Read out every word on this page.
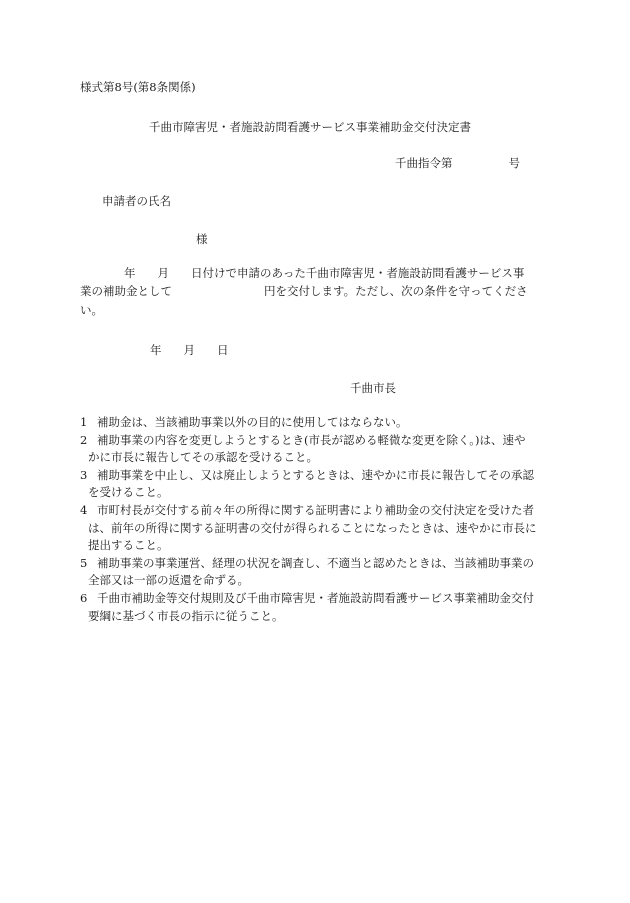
様式第8号(第8条関係)
千曲市障害児・者施設訪問看護サービス事業補助金交付決定書
千曲指令第	号
申請者の氏名
様
年 月 日付けで申請のあった千曲市障害児・者施設訪問看護サービス事
業の補助金として	円を交付します。ただし、次の条件を守ってくださ
い。
年 月 日
千曲市長
1 補助金は、当該補助事業以外の目的に使用してはならない。
2 補助事業の内容を変更しようとするとき(市長が認める軽微な変更を除く。)は、速や
かに市長に報告してその承認を受けること。
3 補助事業を中止し、又は廃止しようとするときは、速やかに市長に報告してその承認
を受けること。
4 市町村長が交付する前々年の所得に関する証明書により補助金の交付決定を受けた者
は、前年の所得に関する証明書の交付が得られることになったときは、速やかに市長に
提出すること。
5 補助事業の事業運営、経理の状況を調査し、不適当と認めたときは、当該補助事業の
全部又は一部の返還を命ずる。
6 千曲市補助金等交付規則及び千曲市障害児・者施設訪問看護サービス事業補助金交付
要綱に基づく市長の指示に従うこと。
